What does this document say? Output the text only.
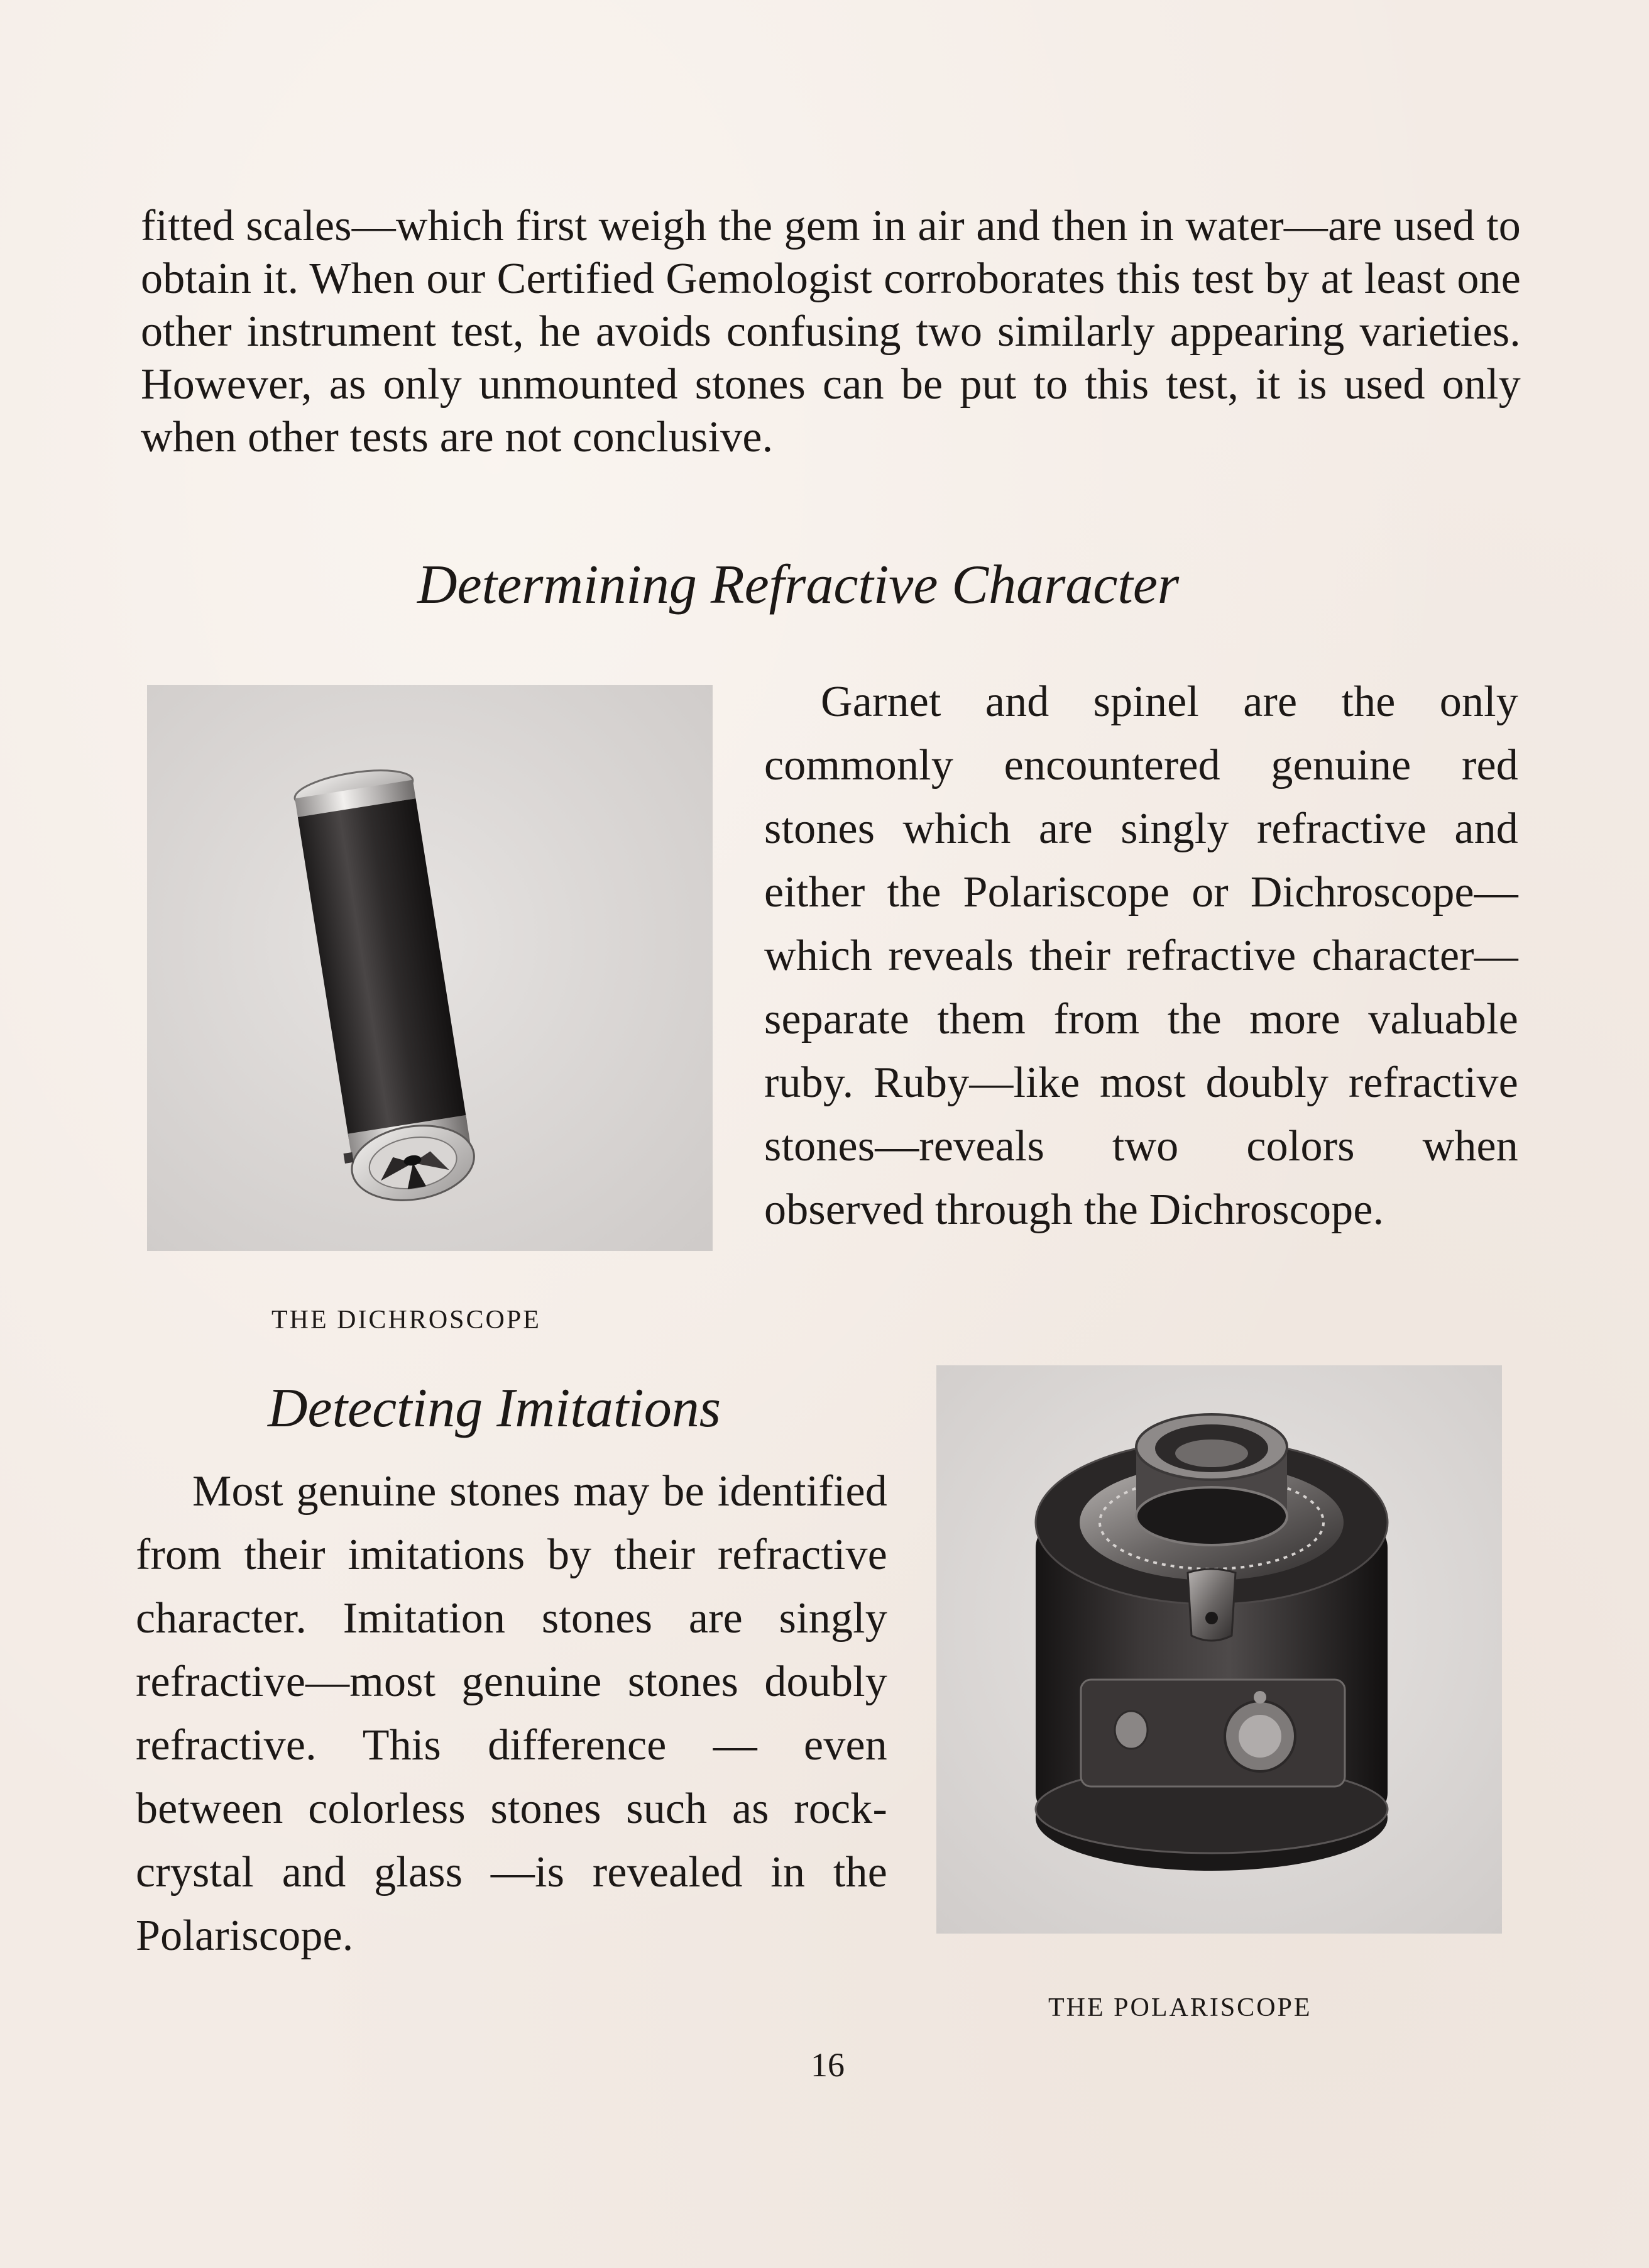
fitted scales—which first weigh the gem in air and then in water—are used to obtain it. When our Certified Gemologist corroborates this test by at least one other instrument test, he avoids confusing two similarly appearing varieties. However, as only unmounted stones can be put to this test, it is used only when other tests are not conclusive.

Determining Refractive Character

THE DICHROSCOPE

Garnet and spinel are the only commonly encountered genuine red stones which are singly refractive and either the Polariscope or Dichroscope—which reveals their refractive character—separate them from the more valuable ruby. Ruby—like most doubly refractive stones—reveals two colors when observed through the Dichroscope.

Detecting Imitations

Most genuine stones may be identified from their imitations by their refractive character. Imitation stones are singly refractive—most genuine stones doubly refractive. This difference — even between colorless stones such as rock-crystal and glass —is revealed in the Polariscope.

THE POLARISCOPE

16
